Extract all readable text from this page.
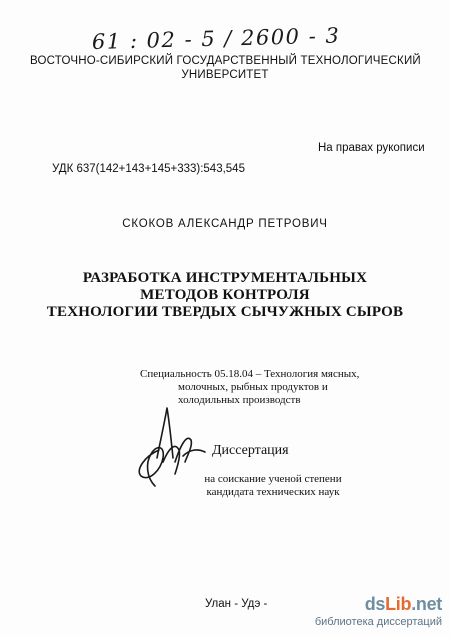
61 : 02 - 5 / 2600 - 3
ВОСТОЧНО-СИБИРСКИЙ ГОСУДАРСТВЕННЫЙ ТЕХНОЛОГИЧЕСКИЙ
УНИВЕРСИТЕТ
На правах рукописи
УДК 637(142+143+145+333):543,545
СКОКОВ АЛЕКСАНДР ПЕТРОВИЧ
РАЗРАБОТКА ИНСТРУМЕНТАЛЬНЫХ
МЕТОДОВ КОНТРОЛЯ
ТЕХНОЛОГИИ ТВЕРДЫХ СЫЧУЖНЫХ СЫРОВ
Специальность 05.18.04 – Технология мясных,
молочных, рыбных продуктов и
холодильных производств
Диссертация
на соискание ученой степени
кандидата технических наук
Улан - Удэ -	dsLib.net
библиотека диссертаций
